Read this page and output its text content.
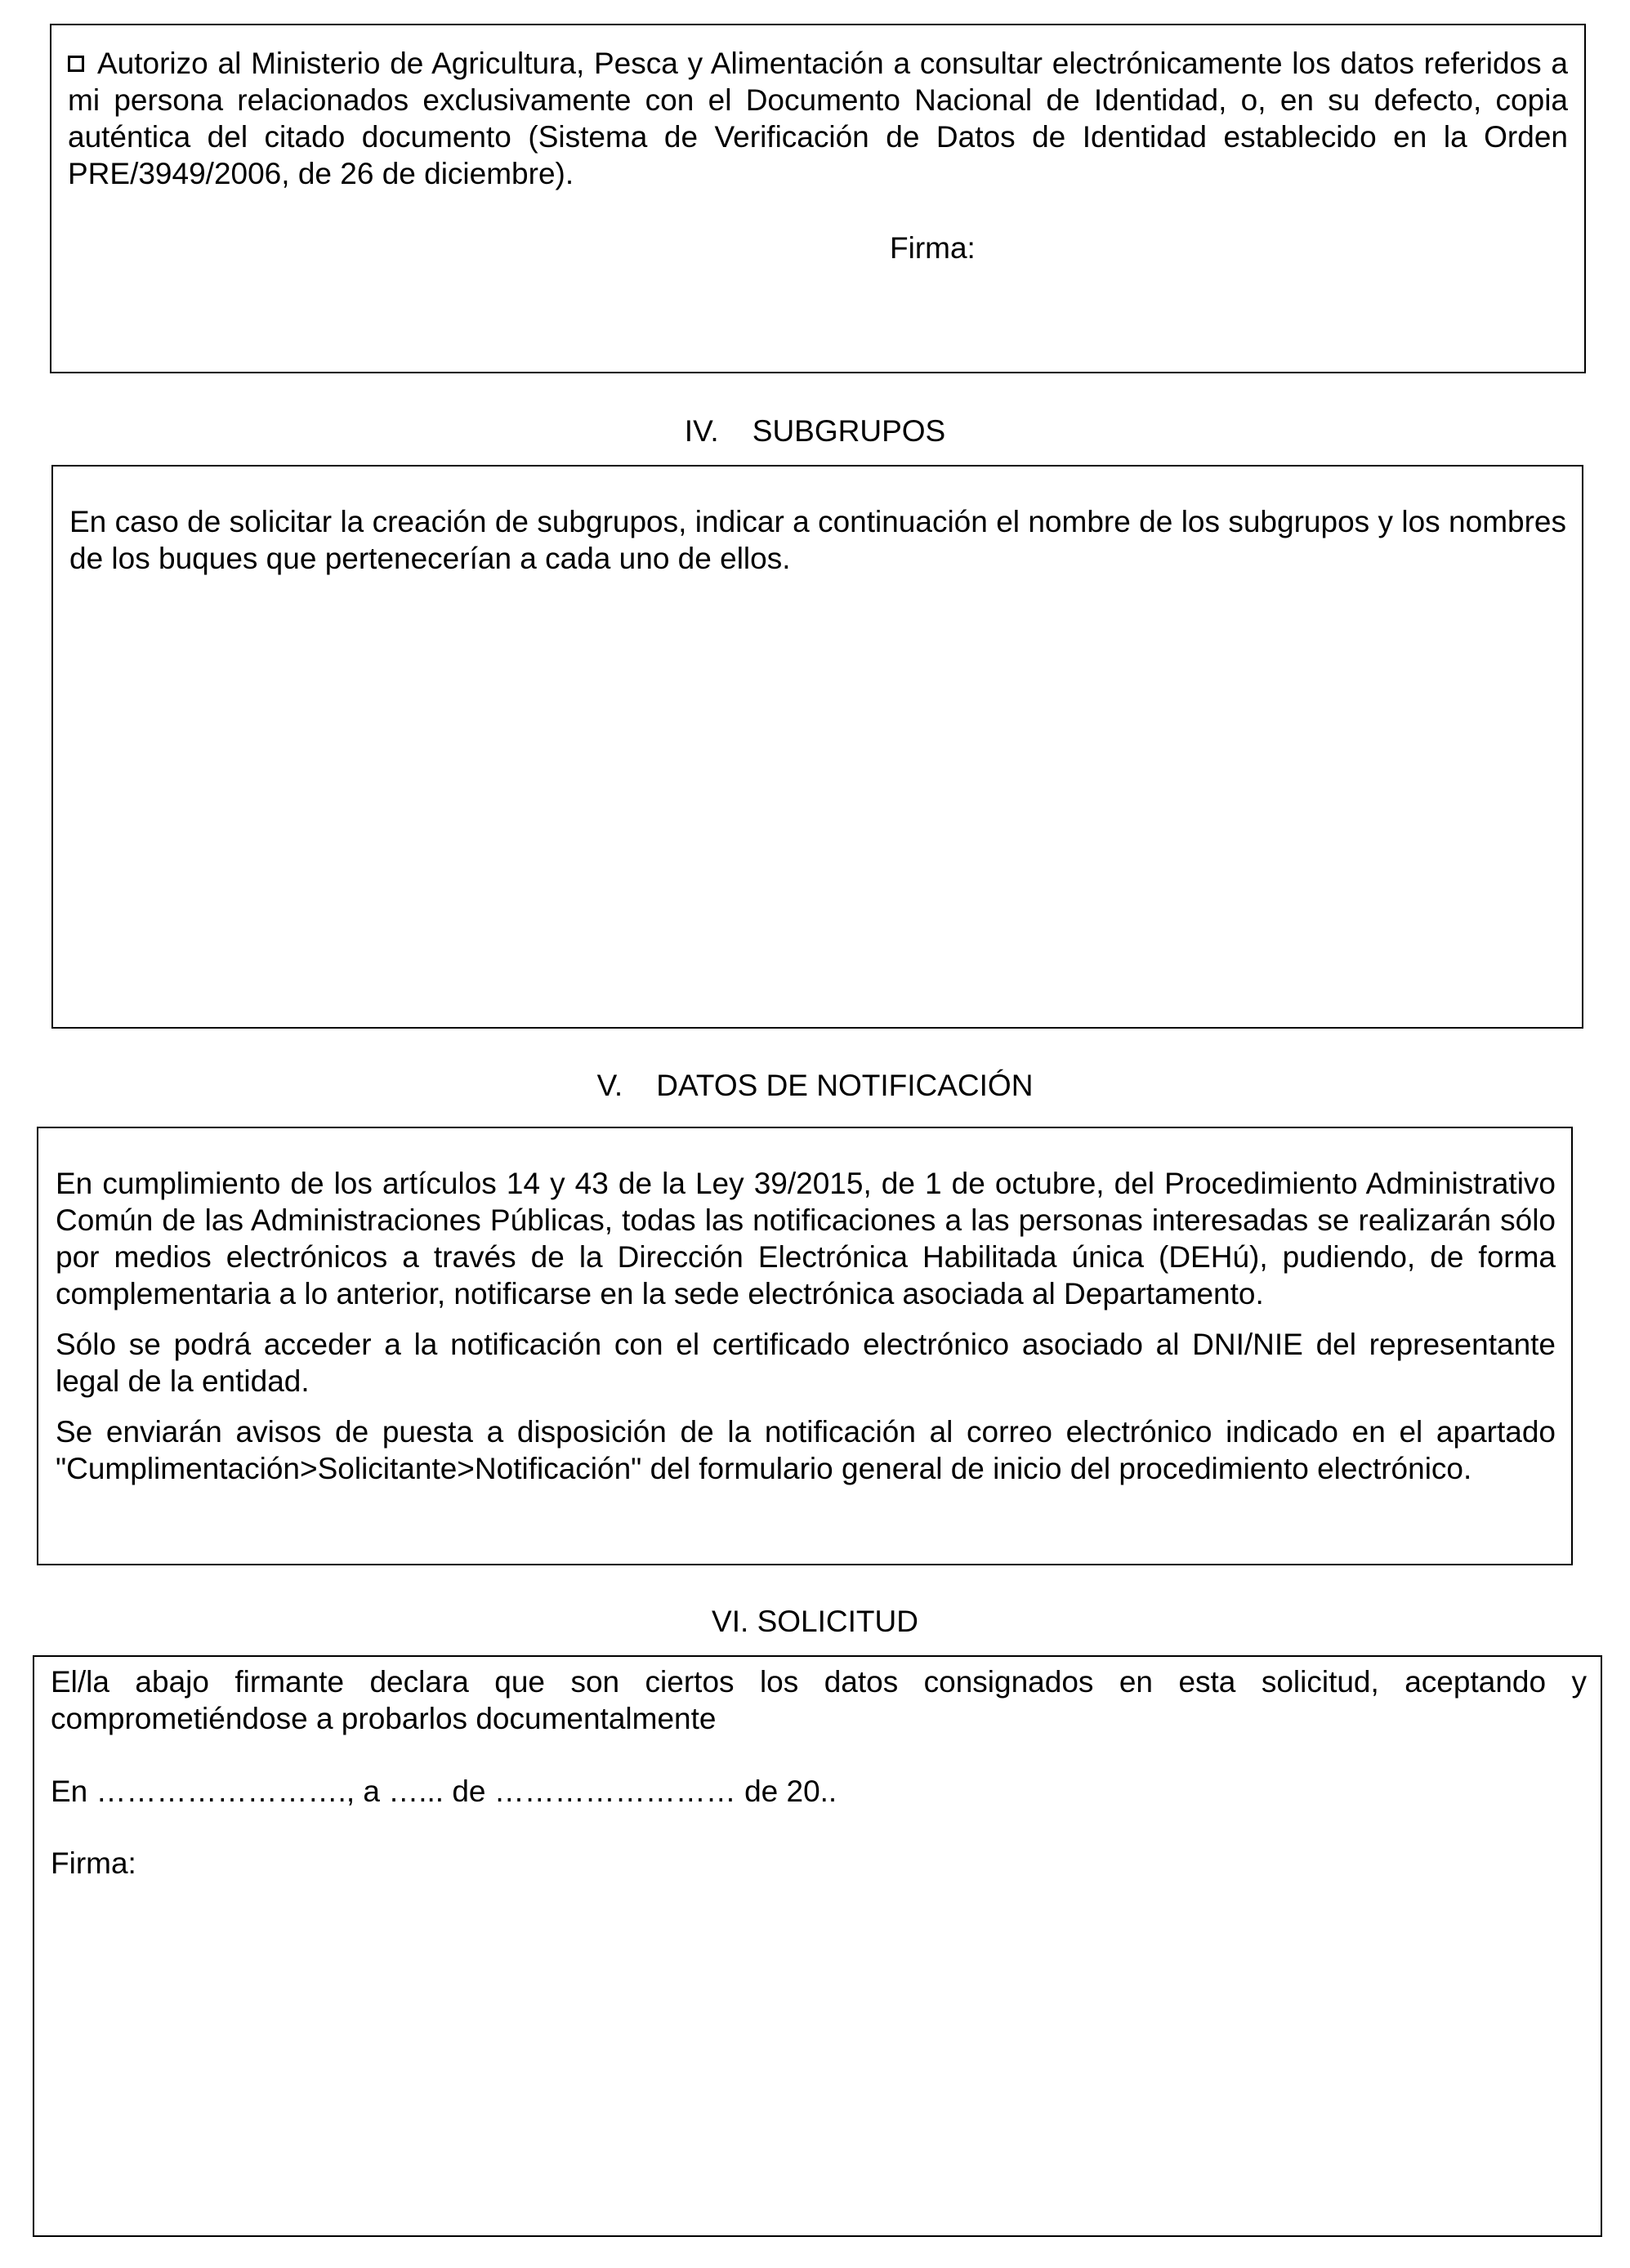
Autorizo al Ministerio de Agricultura, Pesca y Alimentación a consultar electrónicamente los datos referidos a mi persona relacionados exclusivamente con el Documento Nacional de Identidad, o, en su defecto, copia auténtica del citado documento (Sistema de Verificación de Datos de Identidad establecido en la Orden PRE/3949/2006, de 26 de diciembre).

Firma:
IV. SUBGRUPOS

En caso de solicitar la creación de subgrupos, indicar a continuación el nombre de los subgrupos y los nombres de los buques que pertenecerían a cada uno de ellos.

V. DATOS DE NOTIFICACIÓN

En cumplimiento de los artículos 14 y 43 de la Ley 39/2015, de 1 de octubre, del Procedimiento Administrativo Común de las Administraciones Públicas, todas las notificaciones a las personas interesadas se realizarán sólo por medios electrónicos a través de la Dirección Electrónica Habilitada única (DEHú), pudiendo, de forma complementaria a lo anterior, notificarse en la sede electrónica asociada al Departamento.

Sólo se podrá acceder a la notificación con el certificado electrónico asociado al DNI/NIE del representante legal de la entidad.

Se enviarán avisos de puesta a disposición de la notificación al correo electrónico indicado en el apartado "Cumplimentación>Solicitante>Notificación" del formulario general de inicio del procedimiento electrónico.

VI. SOLICITUD

El/la abajo firmante declara que son ciertos los datos consignados en esta solicitud, aceptando y comprometiéndose a probarlos documentalmente

En ……………………., a …... de …………………… de 20..
Firma:
